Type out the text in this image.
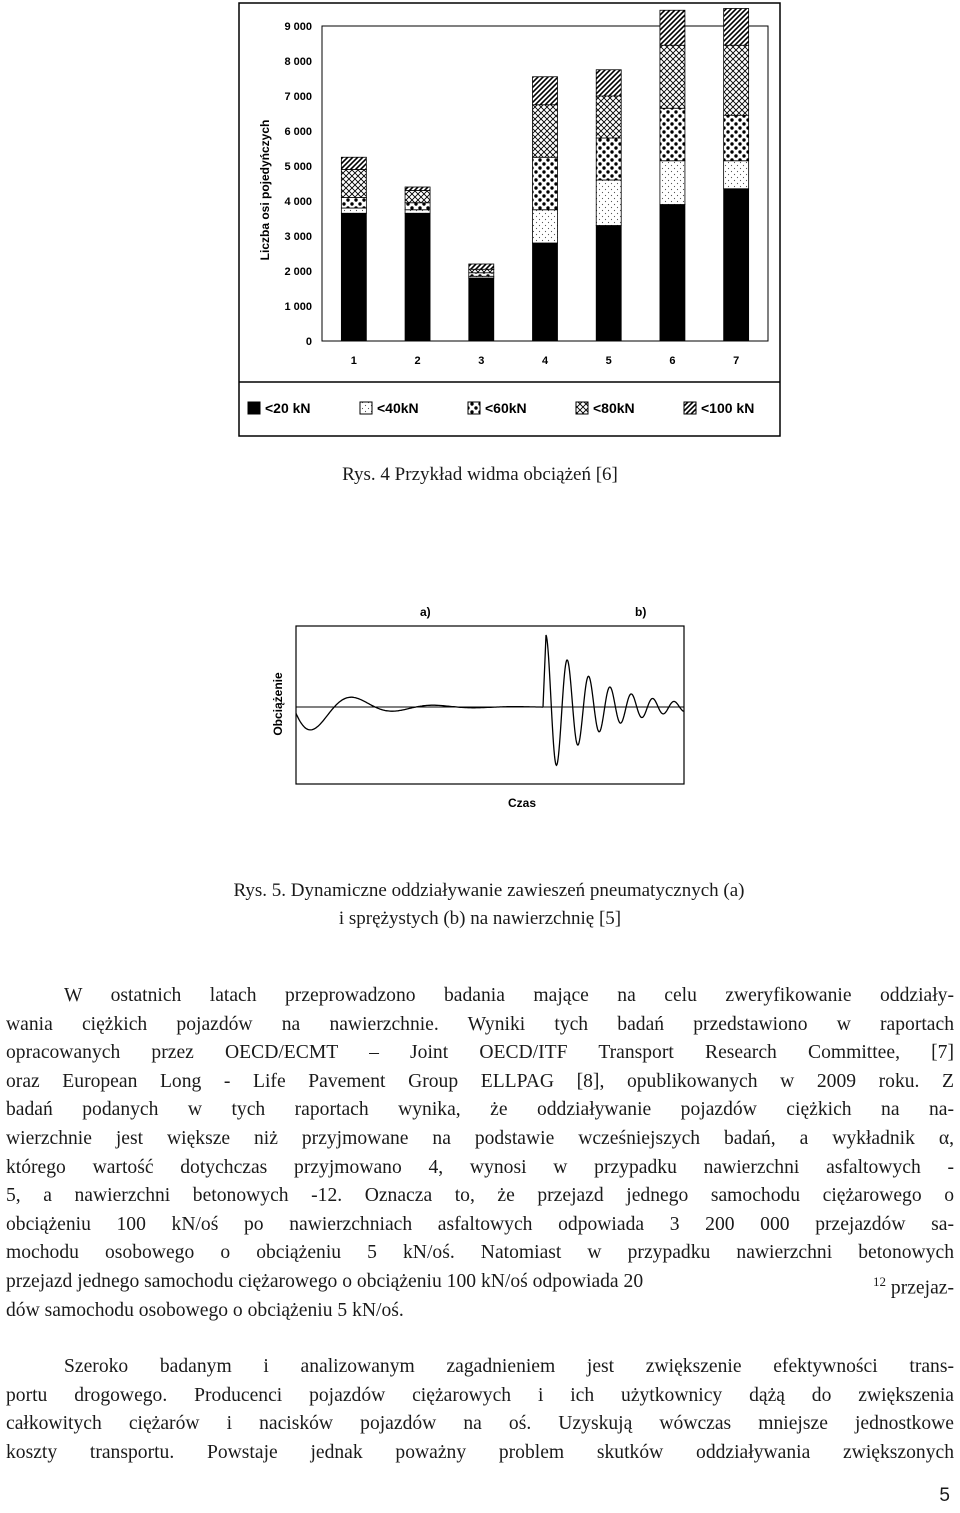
Liczba osi pojedyńczych
0
1 000
2 000
3 000
4 000
5 000
6 000
7 000
8 000
9 000
1	2	3	4	5	6	7
<20 kN	<40kN	<60kN	<80kN	<100 kN
Rys. 4 Przykład widma obciążeń [6]
a)	b)
Obciążenie
Czas
Rys. 5. Dynamiczne oddziaływanie zawieszeń pneumatycznych (a)
i sprężystych (b) na nawierzchnię [5]
W ostatnich latach przeprowadzono badania mające na celu zweryfikowanie oddziały-
wania ciężkich pojazdów na nawierzchnie. Wyniki tych badań przedstawiono w raportach
opracowanych przez OECD/ECMT – Joint OECD/ITF Transport Research Committee, [7]
oraz European Long - Life Pavement Group ELLPAG [8], opublikowanych w 2009 roku. Z
badań podanych w tych raportach wynika, że oddziaływanie pojazdów ciężkich na na-
wierzchnie jest większe niż przyjmowane na podstawie wcześniejszych badań, a wykładnik α,
którego wartość dotychczas przyjmowano 4, wynosi w przypadku nawierzchni asfaltowych -
5, a nawierzchni betonowych -12. Oznacza to, że przejazd jednego samochodu ciężarowego o
obciążeniu 100 kN/oś po nawierzchniach asfaltowych odpowiada 3 200 000 przejazdów sa-
mochodu osobowego o obciążeniu 5 kN/oś. Natomiast w przypadku nawierzchni betonowych
przejazd jednego samochodu ciężarowego o obciążeniu 100 kN/oś odpowiada 20	$^{12}$ przejaz-
dów samochodu osobowego o obciążeniu 5 kN/oś.
Szeroko badanym i analizowanym zagadnieniem jest zwiększenie efektywności trans-
portu drogowego. Producenci pojazdów ciężarowych i ich użytkownicy dążą do zwiększenia
całkowitych ciężarów i nacisków pojazdów na oś. Uzyskują wówczas mniejsze jednostkowe
koszty transportu. Powstaje jednak poważny problem skutków oddziaływania zwiększonych
5
